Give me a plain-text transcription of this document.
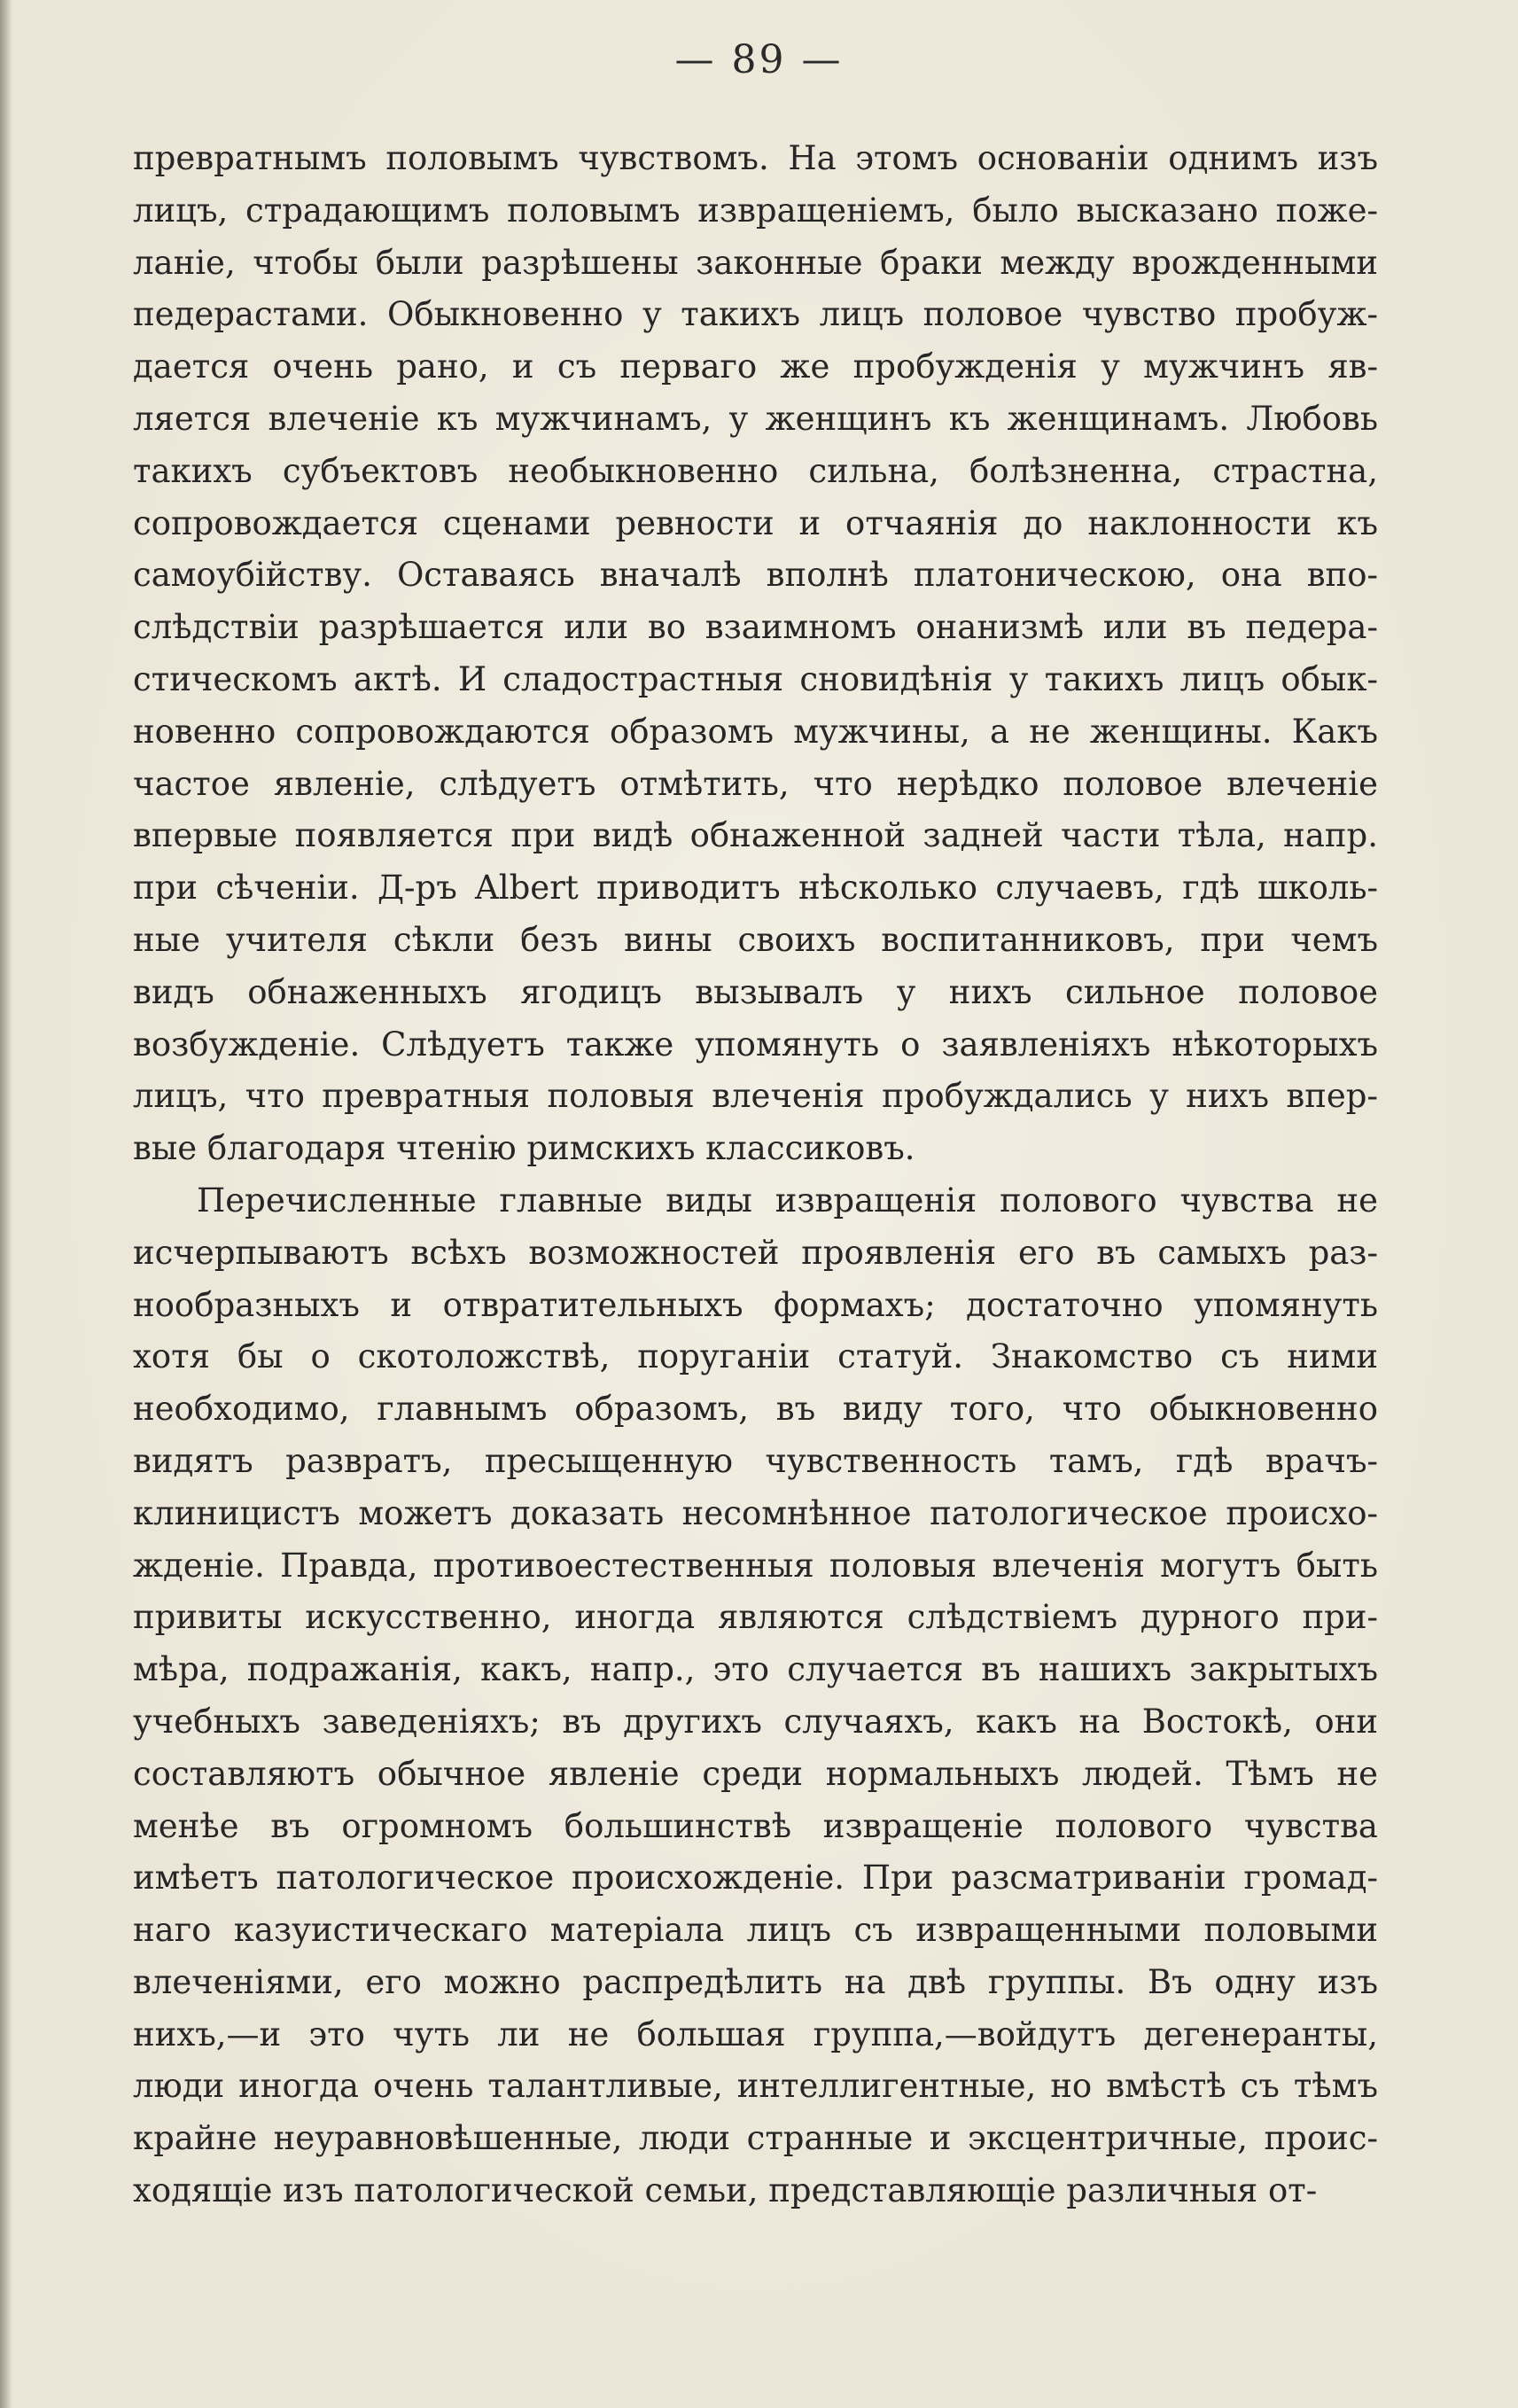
— 89 —
превратнымъ половымъ чувствомъ. На этомъ основаніи однимъ изъ
лицъ, страдающимъ половымъ извращеніемъ, было высказано поже-
ланіе, чтобы были разрѣшены законные браки между врожденными
педерастами. Обыкновенно у такихъ лицъ половое чувство пробуж-
дается очень рано, и съ перваго же пробужденія у мужчинъ яв-
ляется влеченіе къ мужчинамъ, у женщинъ къ женщинамъ. Любовь
такихъ субъектовъ необыкновенно сильна, болѣзненна, страстна,
сопровождается сценами ревности и отчаянія до наклонности къ
самоубійству. Оставаясь вначалѣ вполнѣ платоническою, она впо-
слѣдствіи разрѣшается или во взаимномъ онанизмѣ или въ педера-
стическомъ актѣ. И сладострастныя сновидѣнія у такихъ лицъ обык-
новенно сопровождаются образомъ мужчины, а не женщины. Какъ
частое явленіе, слѣдуетъ отмѣтить, что нерѣдко половое влеченіе
впервые появляется при видѣ обнаженной задней части тѣла, напр.
при сѣченіи. Д-ръ Albert приводитъ нѣсколько случаевъ, гдѣ школь-
ные учителя сѣкли безъ вины своихъ воспитанниковъ, при чемъ
видъ обнаженныхъ ягодицъ вызывалъ у нихъ сильное половое
возбужденіе. Слѣдуетъ также упомянуть о заявленіяхъ нѣкоторыхъ
лицъ, что превратныя половыя влеченія пробуждались у нихъ впер-
вые благодаря чтенію римскихъ классиковъ.
Перечисленные главные виды извращенія полового чувства не
исчерпываютъ всѣхъ возможностей проявленія его въ самыхъ раз-
нообразныхъ и отвратительныхъ формахъ; достаточно упомянуть
хотя бы о скотоложствѣ, поруганіи статуй. Знакомство съ ними
необходимо, главнымъ образомъ, въ виду того, что обыкновенно
видятъ развратъ, пресыщенную чувственность тамъ, гдѣ врачъ-
клиницистъ можетъ доказать несомнѣнное патологическое происхо-
жденіе. Правда, противоестественныя половыя влеченія могутъ быть
привиты искусственно, иногда являются слѣдствіемъ дурного при-
мѣра, подражанія, какъ, напр., это случается въ нашихъ закрытыхъ
учебныхъ заведеніяхъ; въ другихъ случаяхъ, какъ на Востокѣ, они
составляютъ обычное явленіе среди нормальныхъ людей. Тѣмъ не
менѣе въ огромномъ большинствѣ извращеніе полового чувства
имѣетъ патологическое происхожденіе. При разсматриваніи громад-
наго казуистическаго матеріала лицъ съ извращенными половыми
влеченіями, его можно распредѣлить на двѣ группы. Въ одну изъ
нихъ,—и это чуть ли не большая группа,—войдутъ дегенеранты,
люди иногда очень талантливые, интеллигентные, но вмѣстѣ съ тѣмъ
крайне неуравновѣшенные, люди странные и эксцентричные, проис-
ходящіе изъ патологической семьи, представляющіе различныя от-
